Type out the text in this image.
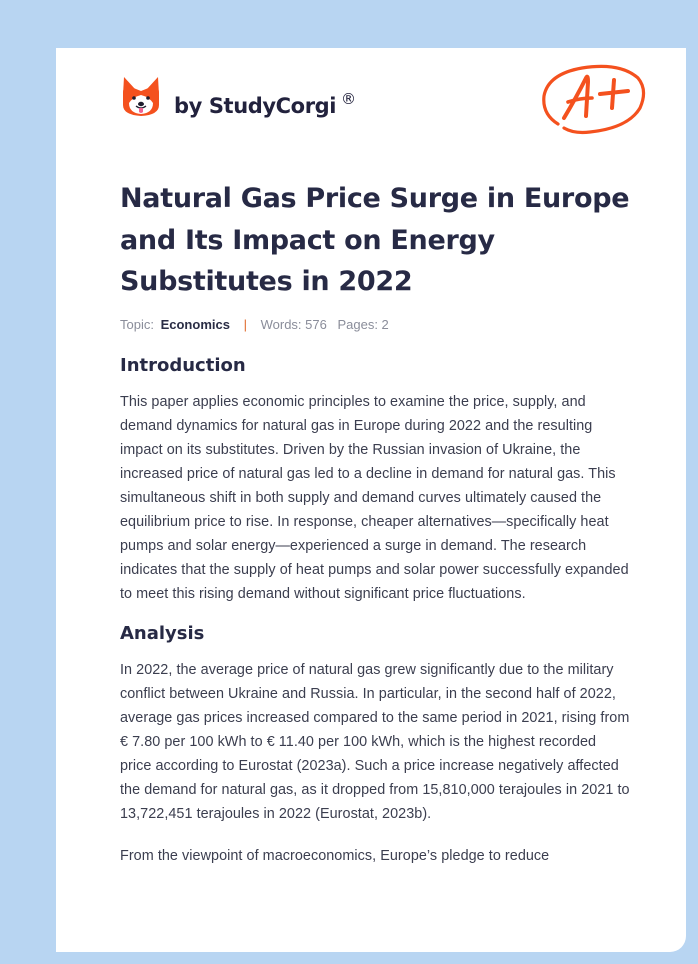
by StudyCorgi ®
Natural Gas Price Surge in Europe and Its Impact on Energy Substitutes in 2022
Topic: Economics | Words: 576 Pages: 2
Introduction

This paper applies economic principles to examine the price, supply, and demand dynamics for natural gas in Europe during 2022 and the resulting impact on its substitutes. Driven by the Russian invasion of Ukraine, the increased price of natural gas led to a decline in demand for natural gas. This simultaneous shift in both supply and demand curves ultimately caused the equilibrium price to rise. In response, cheaper alternatives—specifically heat pumps and solar energy—experienced a surge in demand. The research indicates that the supply of heat pumps and solar power successfully expanded to meet this rising demand without significant price fluctuations.

Analysis

In 2022, the average price of natural gas grew significantly due to the military conflict between Ukraine and Russia. In particular, in the second half of 2022, average gas prices increased compared to the same period in 2021, rising from € 7.80 per 100 kWh to € 11.40 per 100 kWh, which is the highest recorded price according to Eurostat (2023a). Such a price increase negatively affected the demand for natural gas, as it dropped from 15,810,000 terajoules in 2021 to 13,722,451 terajoules in 2022 (Eurostat, 2023b).

From the viewpoint of macroeconomics, Europe’s pledge to reduce
